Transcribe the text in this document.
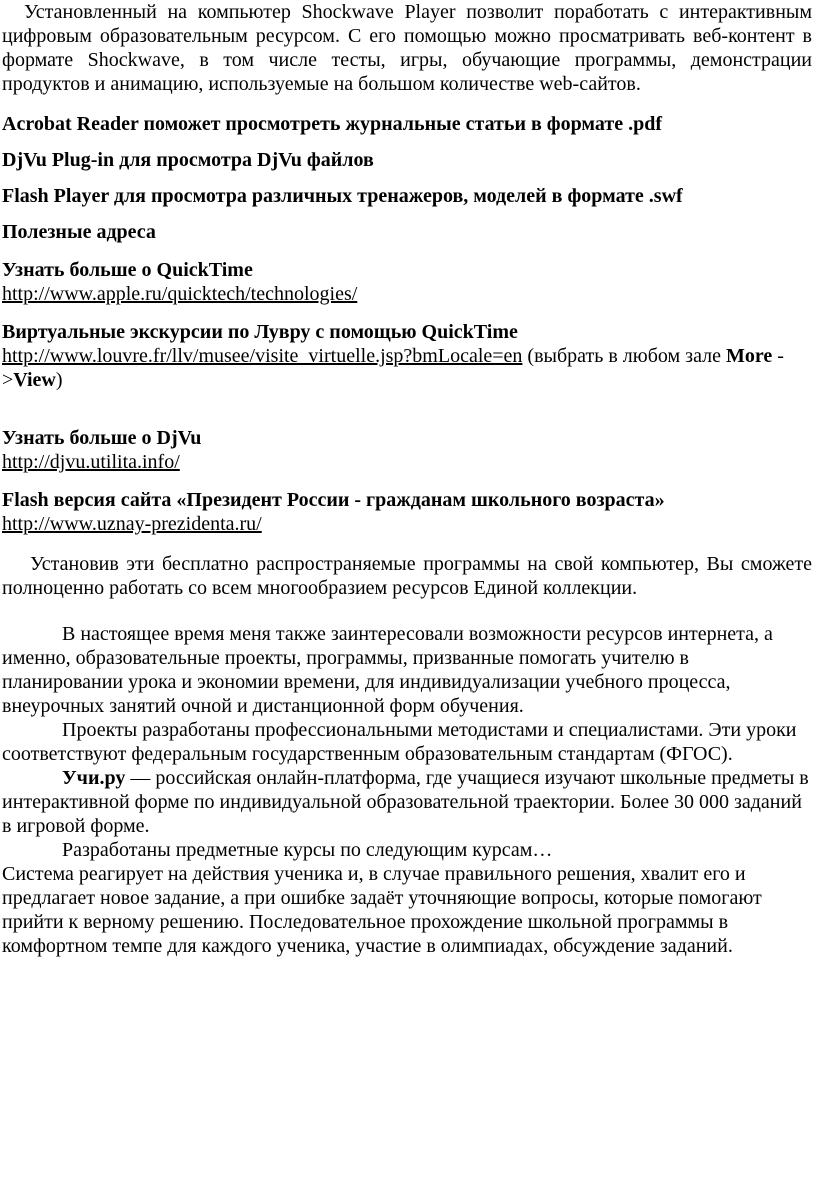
Установленный на компьютер Shockwave Player позволит поработать с интерактивным цифровым образовательным ресурсом. С его помощью можно просматривать веб-контент в формате Shockwave, в том числе тесты, игры, обучающие программы, демонстрации продуктов и анимацию, используемые на большом количестве web-сайтов.

Acrobat Reader поможет просмотреть журнальные статьи в формате .pdf

DjVu Plug-in для просмотра DjVu файлов

Flash Player для просмотра различных тренажеров, моделей в формате .swf

Полезные адреса

Узнать больше о QuickTime

http://www.apple.ru/quicktech/technologies/

Виртуальные экскурсии по Лувру с помощью QuickTime

http://www.louvre.fr/llv/musee/visite_virtuelle.jsp?bmLocale=en (выбрать в любом зале More ->View)

Узнать больше о DjVu

http://djvu.utilita.info/

Flash версия сайта «Президент России - гражданам школьного возраста»

http://www.uznay-prezidenta.ru/

Установив эти бесплатно распространяемые программы на свой компьютер, Вы сможете полноценно работать со всем многообразием ресурсов Единой коллекции.

В настоящее время меня также заинтересовали возможности ресурсов интернета, а именно, образовательные проекты, программы, призванные помогать учителю в планировании урока и экономии времени, для индивидуализации учебного процесса, внеурочных занятий очной и дистанционной форм обучения.

Проекты разработаны профессиональными методистами и специалистами. Эти уроки соответствуют федеральным государственным образовательным стандартам (ФГОС).

Учи.ру — российская онлайн-платформа, где учащиеся изучают школьные предметы в интерактивной форме по индивидуальной образовательной траектории. Более 30 000 заданий в игровой форме.

Разработаны предметные курсы по следующим курсам…

Система реагирует на действия ученика и, в случае правильного решения, хвалит его и предлагает новое задание, а при ошибке задаёт уточняющие вопросы, которые помогают прийти к верному решению. Последовательное прохождение школьной программы в комфортном темпе для каждого ученика, участие в олимпиадах, обсуждение заданий.
